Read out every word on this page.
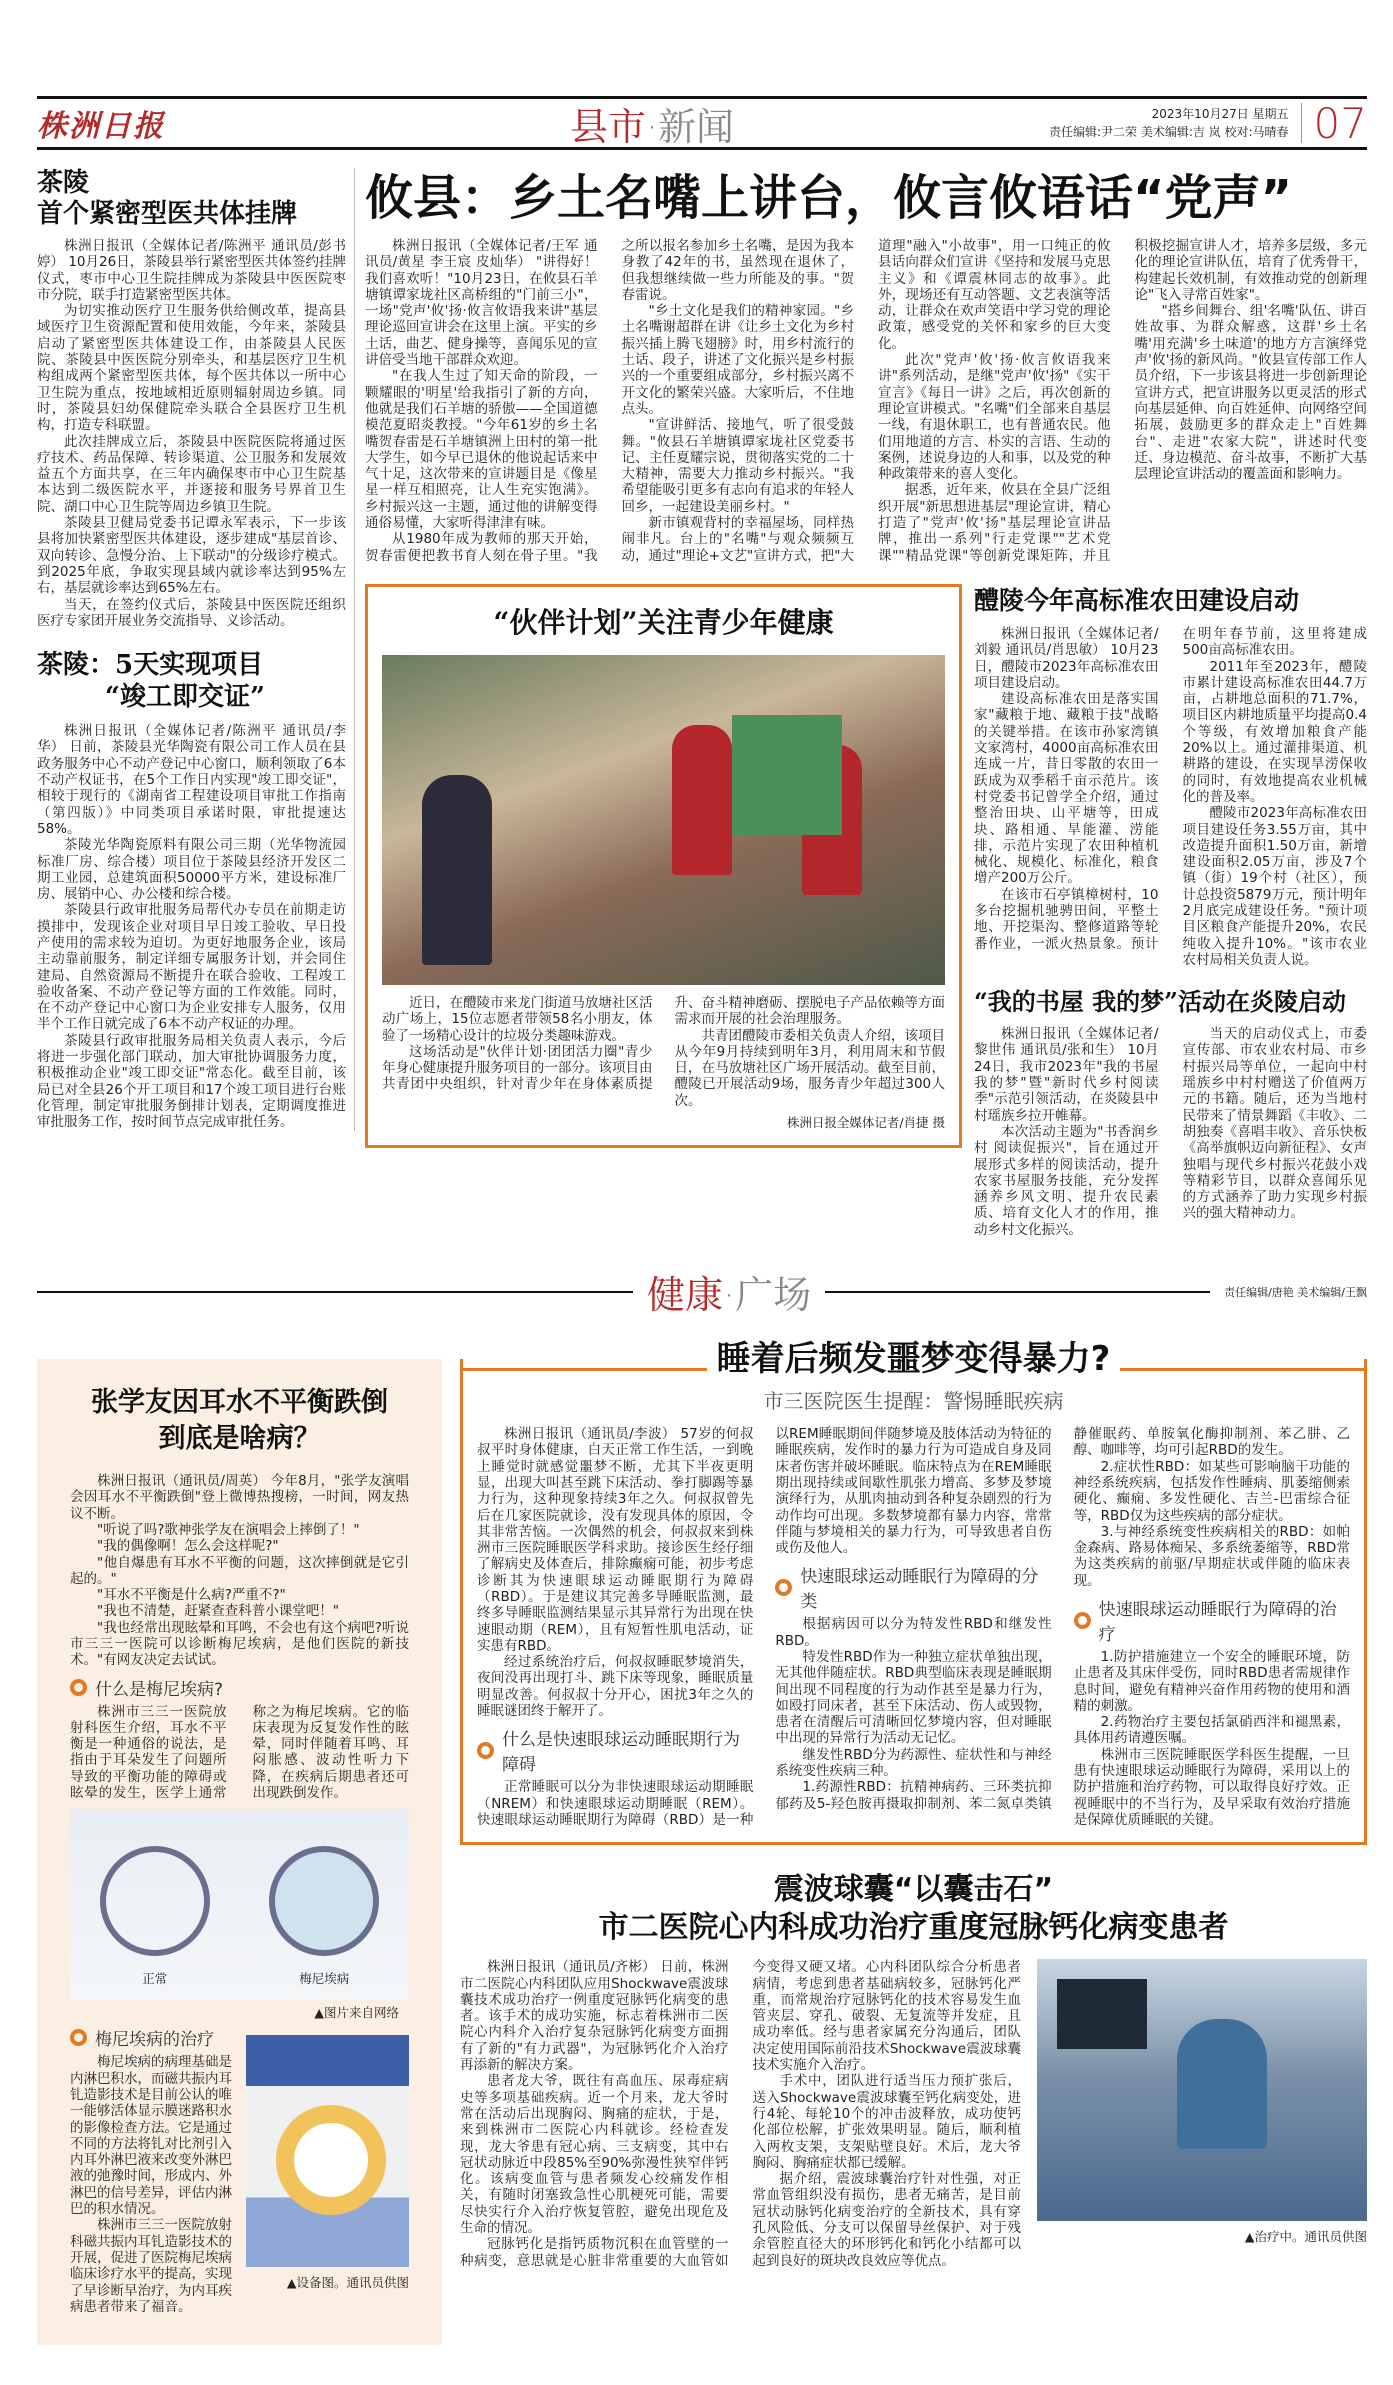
株洲日报	县市·新闻	2023年10月27日 星期五
责任编辑:尹二荣 美术编辑:吉 岚 校对:马晴春 07
茶陵
首个紧密型医共体挂牌

株洲日报讯（全媒体记者/陈洲平 通讯员/彭书婷） 10月26日，茶陵县举行紧密型医共体签约挂牌仪式，枣市中心卫生院挂牌成为茶陵县中医医院枣市分院，联手打造紧密型医共体。

为切实推动医疗卫生服务供给侧改革，提高县域医疗卫生资源配置和使用效能，今年来，茶陵县启动了紧密型医共体建设工作，由茶陵县人民医院、茶陵县中医医院分别牵头，和基层医疗卫生机构组成两个紧密型医共体，每个医共体以一所中心卫生院为重点，按地域相近原则辐射周边乡镇。同时，茶陵县妇幼保健院牵头联合全县医疗卫生机构，打造专科联盟。

此次挂牌成立后，茶陵县中医院医院将通过医疗技术、药品保障、转诊渠道、公卫服务和发展效益五个方面共享，在三年内确保枣市中心卫生院基本达到二级医院水平，并逐接和服务号界首卫生院、湖口中心卫生院等周边乡镇卫生院。

茶陵县卫健局党委书记谭永军表示，下一步该县将加快紧密型医共体建设，逐步建成"基层首诊、双向转诊、急慢分治、上下联动"的分级诊疗模式。到2025年底，争取实现县域内就诊率达到95%左右，基层就诊率达到65%左右。

当天，在签约仪式后，茶陵县中医医院还组织医疗专家团开展业务交流指导、义诊活动。

茶陵：5天实现项目
“竣工即交证”

株洲日报讯（全媒体记者/陈洲平 通讯员/李华） 日前，茶陵县光华陶瓷有限公司工作人员在县政务服务中心不动产登记中心窗口，顺利领取了6本不动产权证书，在5个工作日内实现"竣工即交证"，相较于现行的《湖南省工程建设项目审批工作指南（第四版）》中同类项目承诺时限，审批提速达58%。

茶陵光华陶瓷原料有限公司三期（光华物流园标准厂房、综合楼）项目位于茶陵县经济开发区二期工业园，总建筑面积50000平方米，建设标准厂房、展销中心、办公楼和综合楼。

茶陵县行政审批服务局帮代办专员在前期走访摸排中，发现该企业对项目早日竣工验收、早日投产使用的需求较为迫切。为更好地服务企业，该局主动靠前服务，制定详细专属服务计划，并会同住建局、自然资源局不断提升在联合验收、工程竣工验收备案、不动产登记等方面的工作效能。同时，在不动产登记中心窗口为企业安排专人服务，仅用半个工作日就完成了6本不动产权证的办理。

茶陵县行政审批服务局相关负责人表示，今后将进一步强化部门联动，加大审批协调服务力度，积极推动企业"竣工即交证"常态化。截至目前，该局已对全县26个开工项目和17个竣工项目进行台账化管理，制定审批服务倒排计划表，定期调度推进审批服务工作，按时间节点完成审批任务。

攸县：乡土名嘴上讲台，攸言攸语话“党声”

株洲日报讯（全媒体记者/王军 通讯员/黄星 李王宸 皮灿华） "讲得好！我们喜欢听！"10月23日，在攸县石羊塘镇谭家垅社区高桥组的"门前三小"，一场"党声'攸'扬·攸言攸语我来讲"基层理论巡回宣讲会在这里上演。平实的乡土话，曲艺、健身操等，喜闻乐见的宣讲倍受当地干部群众欢迎。

"在我人生过了知天命的阶段，一颗耀眼的'明星'给我指引了新的方向，他就是我们石羊塘的骄傲——全国道德模范夏昭炎教授。"今年61岁的乡土名嘴贺春雷是石羊塘镇洲上田村的第一批大学生，如今早已退休的他说起话来中气十足，这次带来的宣讲题目是《像星星一样互相照亮，让人生充实饱满》。乡村振兴这一主题，通过他的讲解变得通俗易懂，大家听得津津有味。

从1980年成为教师的那天开始，贺春雷便把教书育人刻在骨子里。"我之所以报名参加乡土名嘴，是因为我本身教了42年的书，虽然现在退休了，但我想继续做一些力所能及的事。"贺春雷说。

"乡土文化是我们的精神家园。"乡土名嘴谢超群在讲《让乡土文化为乡村振兴插上腾飞翅膀》时，用乡村流行的土话、段子，讲述了文化振兴是乡村振兴的一个重要组成部分，乡村振兴离不开文化的繁荣兴盛。大家听后，不住地点头。

"宣讲鲜活、接地气，听了很受鼓舞。"攸县石羊塘镇谭家垅社区党委书记、主任夏耀宗说，贯彻落实党的二十大精神，需要大力推动乡村振兴。"我希望能吸引更多有志向有追求的年轻人回乡，一起建设美丽乡村。"

新市镇观背村的幸福屋场，同样热闹非凡。台上的"名嘴"与观众频频互动，通过"理论+文艺"宣讲方式，把"大道理"融入"小故事"，用一口纯正的攸县话向群众们宣讲《坚持和发展马克思主义》和《谭震林同志的故事》。此外，现场还有互动答题、文艺表演等活动，让群众在欢声笑语中学习党的理论政策，感受党的关怀和家乡的巨大变化。

此次"党声'攸'扬·攸言攸语我来讲"系列活动，是继"党声'攸'扬"《实干宣言》《每日一讲》之后，再次创新的理论宣讲模式。"名嘴"们全部来自基层一线，有退休职工，也有普通农民。他们用地道的方言、朴实的言语、生动的案例，述说身边的人和事，以及党的种种政策带来的喜人变化。

据悉，近年来，攸县在全县广泛组织开展"新思想进基层"理论宣讲，精心打造了"党声'攸'扬"基层理论宣讲品牌，推出一系列"行走党课""艺术党课""精品党课"等创新党课矩阵，并且积极挖掘宣讲人才，培养多层级，多元化的理论宣讲队伍，培育了优秀骨干，构建起长效机制，有效推动党的创新理论"飞入寻常百姓家"。

"搭乡间舞台、组'名嘴'队伍、讲百姓故事、为群众解惑，这群'乡土名嘴'用充满'乡土味道'的地方方言演绎党声'攸'扬的新风尚。"攸县宣传部工作人员介绍，下一步该县将进一步创新理论宣讲方式，把宣讲服务以更灵活的形式向基层延伸、向百姓延伸、向网络空间拓展，鼓励更多的群众走上"百姓舞台"、走进"农家大院"，讲述时代变迁、身边模范、奋斗故事，不断扩大基层理论宣讲活动的覆盖面和影响力。

“伙伴计划”关注青少年健康

近日，在醴陵市来龙门街道马放塘社区活动广场上，15位志愿者带领58名小朋友，体验了一场精心设计的垃圾分类趣味游戏。

这场活动是"伙伴计划·团团活力圈"青少年身心健康提升服务项目的一部分。该项目由共青团中央组织，针对青少年在身体素质提升、奋斗精神磨砺、摆脱电子产品依赖等方面需求而开展的社会治理服务。

共青团醴陵市委相关负责人介绍，该项目从今年9月持续到明年3月，利用周末和节假日，在马放塘社区广场开展活动。截至目前，醴陵已开展活动9场，服务青少年超过300人次。

株洲日报全媒体记者/肖捷 摄
醴陵今年高标准农田建设启动

株洲日报讯（全媒体记者/刘毅 通讯员/肖思敏） 10月23日，醴陵市2023年高标准农田项目建设启动。

建设高标准农田是落实国家"藏粮于地、藏粮于技"战略的关键举措。在该市孙家湾镇文家湾村，4000亩高标准农田连成一片，昔日零散的农田一跃成为双季稻千亩示范片。该村党委书记曾学全介绍，通过整治田块、山平塘等，田成块、路相通、旱能灌、涝能排，示范片实现了农田种植机械化、规模化、标准化，粮食增产200万公斤。

在该市石亭镇樟树村，10多台挖掘机驰骋田间，平整土地、开挖渠沟、整修道路等轮番作业，一派火热景象。预计在明年春节前，这里将建成500亩高标准农田。

2011年至2023年，醴陵市累计建设高标准农田44.7万亩，占耕地总面积的71.7%，项目区内耕地质量平均提高0.4个等级，有效增加粮食产能20%以上。通过灌排渠道、机耕路的建设，在实现旱涝保收的同时，有效地提高农业机械化的普及率。

醴陵市2023年高标准农田项目建设任务3.55万亩，其中改造提升面积1.50万亩，新增建设面积2.05万亩，涉及7个镇（街）19个村（社区），预计总投资5879万元，预计明年2月底完成建设任务。"预计项目区粮食产能提升20%，农民纯收入提升10%。"该市农业农村局相关负责人说。

“我的书屋 我的梦”活动在炎陵启动

株洲日报讯（全媒体记者/黎世伟 通讯员/张和生） 10月24日，我市2023年"我的书屋 我的梦"暨"新时代乡村阅读季"示范引领活动，在炎陵县中村瑶族乡拉开帷幕。

本次活动主题为"书香润乡村 阅读促振兴"，旨在通过开展形式多样的阅读活动，提升农家书屋服务技能，充分发挥涵养乡风文明、提升农民素质、培育文化人才的作用，推动乡村文化振兴。

当天的启动仪式上，市委宣传部、市农业农村局、市乡村振兴局等单位，一起向中村瑶族乡中村村赠送了价值两万元的书籍。随后，还为当地村民带来了情景舞蹈《丰收》、二胡独奏《喜唱丰收》、音乐快板《高举旗帜迈向新征程》、女声独唱与现代乡村振兴花鼓小戏等精彩节目，以群众喜闻乐见的方式涵养了助力实现乡村振兴的强大精神动力。

健康·广场	责任编辑/唐艳 美术编辑/王飘
张学友因耳水不平衡跌倒
到底是啥病？

株洲日报讯（通讯员/周英） 今年8月，"张学友演唱会因耳水不平衡跌倒"登上微博热搜榜，一时间，网友热议不断。

"听说了吗?歌神张学友在演唱会上摔倒了！"

"我的偶像啊！怎么会这样呢?"

"他自爆患有耳水不平衡的问题，这次摔倒就是它引起的。"

"耳水不平衡是什么病?严重不?"

"我也不清楚，赶紧查查科普小课堂吧！"

"我也经常出现眩晕和耳鸣，不会也有这个病吧?听说市三三一医院可以诊断梅尼埃病，是他们医院的新技术。"有网友决定去试试。

什么是梅尼埃病?

株洲市三三一医院放射科医生介绍，耳水不平衡是一种通俗的说法，是指由于耳朵发生了问题所导致的平衡功能的障碍或眩晕的发生，医学上通常称之为梅尼埃病。它的临床表现为反复发作性的眩晕，同时伴随着耳鸣、耳闷胀感、波动性听力下降，在疾病后期患者还可出现跌倒发作。

正常	梅尼埃病
▲图片来自网络
梅尼埃病的治疗

梅尼埃病的病理基础是内淋巴积水，而磁共振内耳钆造影技术是目前公认的唯一能够活体显示膜迷路积水的影像检查方法。它是通过不同的方法将钆对比剂引入内耳外淋巴液来改变外淋巴液的弛豫时间，形成内、外淋巴的信号差异，评估内淋巴的积水情况。

株洲市三三一医院放射科磁共振内耳钆造影技术的开展，促进了医院梅尼埃病临床诊疗水平的提高，实现了早诊断早治疗，为内耳疾病患者带来了福音。

▲设备图。通讯员供图
睡着后频发噩梦变得暴力?
市三医院医生提醒：警惕睡眠疾病

株洲日报讯（通讯员/李波） 57岁的何叔叔平时身体健康，白天正常工作生活，一到晚上睡觉时就感觉噩梦不断，尤其下半夜更明显，出现大叫甚至跳下床活动、拳打脚踢等暴力行为，这种现象持续3年之久。何叔叔曾先后在几家医院就诊，没有发现具体的原因，令其非常苦恼。一次偶然的机会，何叔叔来到株洲市三医院睡眠医学科求助。接诊医生经仔细了解病史及体查后，排除癫痫可能，初步考虑诊断其为快速眼球运动睡眠期行为障碍（RBD）。于是建议其完善多导睡眠监测，最终多导睡眠监测结果显示其异常行为出现在快速眼动期（REM），且有短暂性肌电活动，证实患有RBD。

经过系统治疗后，何叔叔睡眠梦境消失，夜间没再出现打斗、跳下床等现象，睡眠质量明显改善。何叔叔十分开心，困扰3年之久的睡眠谜团终于解开了。

什么是快速眼球运动睡眠期行为障碍

正常睡眠可以分为非快速眼球运动期睡眠（NREM）和快速眼球运动期睡眠（REM）。快速眼球运动睡眠期行为障碍（RBD）是一种以REM睡眠期间伴随梦境及肢体活动为特征的睡眠疾病，发作时的暴力行为可造成自身及同床者伤害并破坏睡眠。临床特点为在REM睡眠期出现持续或间歇性肌张力增高、多梦及梦境演绎行为，从肌肉抽动到各种复杂剧烈的行为动作均可出现。多数梦境都有暴力内容，常常伴随与梦境相关的暴力行为，可导致患者自伤或伤及他人。

快速眼球运动睡眠行为障碍的分类

根据病因可以分为特发性RBD和继发性RBD。

特发性RBD作为一种独立症状单独出现，无其他伴随症状。RBD典型临床表现是睡眠期间出现不同程度的行为动作甚至是暴力行为，如殴打同床者，甚至下床活动、伤人或毁物，患者在清醒后可清晰回忆梦境内容，但对睡眠中出现的异常行为活动无记忆。

继发性RBD分为药源性、症状性和与神经系统变性疾病三种。

1.药源性RBD：抗精神病药、三环类抗抑郁药及5-羟色胺再摄取抑制剂、苯二氮卓类镇静催眠药、单胺氧化酶抑制剂、苯乙肼、乙醇、咖啡等，均可引起RBD的发生。

2.症状性RBD：如某些可影响脑干功能的神经系统疾病，包括发作性睡病、肌萎缩侧索硬化、癫痫、多发性硬化、吉兰-巴雷综合征等，RBD仅为这些疾病的部分症状。

3.与神经系统变性疾病相关的RBD：如帕金森病、路易体痴呆、多系统萎缩等，RBD常为这类疾病的前驱/早期症状或伴随的临床表现。

快速眼球运动睡眠行为障碍的治疗

1.防护措施建立一个安全的睡眠环境，防止患者及其床伴受伤，同时RBD患者需规律作息时间，避免有精神兴奋作用药物的使用和酒精的刺激。

2.药物治疗主要包括氯硝西泮和褪黑素，具体用药请遵医嘱。

株洲市三医院睡眠医学科医生提醒，一旦患有快速眼球运动睡眠行为障碍，采用以上的防护措施和治疗药物，可以取得良好疗效。正视睡眠中的不当行为，及早采取有效治疗措施是保障优质睡眠的关键。

震波球囊“以囊击石”
市二医院心内科成功治疗重度冠脉钙化病变患者

株洲日报讯（通讯员/齐彬） 日前，株洲市二医院心内科团队应用Shockwave震波球囊技术成功治疗一例重度冠脉钙化病变的患者。该手术的成功实施，标志着株洲市二医院心内科介入治疗复杂冠脉钙化病变方面拥有了新的"有力武器"，为冠脉钙化介入治疗再添新的解决方案。

患者龙大爷，既往有高血压、尿毒症病史等多项基础疾病。近一个月来，龙大爷时常在活动后出现胸闷、胸痛的症状，于是，来到株洲市二医院心内科就诊。经检查发现，龙大爷患有冠心病、三支病变，其中右冠状动脉近中段85%至90%弥漫性狭窄伴钙化。该病变血管与患者频发心绞痛发作相关，有随时闭塞致急性心肌梗死可能，需要尽快实行介入治疗恢复管腔，避免出现危及生命的情况。

冠脉钙化是指钙质物沉积在血管壁的一种病变，意思就是心脏非常重要的大血管如今变得又硬又堵。心内科团队综合分析患者病情，考虑到患者基础病较多，冠脉钙化严重，而常规治疗冠脉钙化的技术容易发生血管夹层、穿孔、破裂、无复流等并发症，且成功率低。经与患者家属充分沟通后，团队决定使用国际前沿技术Shockwave震波球囊技术实施介入治疗。

手术中，团队进行适当压力预扩张后，送入Shockwave震波球囊至钙化病变处，进行4轮、每轮10个的冲击波释放，成功使钙化部位松解，扩张效果明显。随后，顺利植入两枚支架，支架贴壁良好。术后，龙大爷胸闷、胸痛症状都已缓解。

据介绍，震波球囊治疗针对性强，对正常血管组织没有损伤，患者无痛苦，是目前冠状动脉钙化病变治疗的全新技术，具有穿孔风险低、分支可以保留导丝保护、对于残余管腔直径大的环形钙化和钙化小结都可以起到良好的斑块改良效应等优点。

▲治疗中。通讯员供图
